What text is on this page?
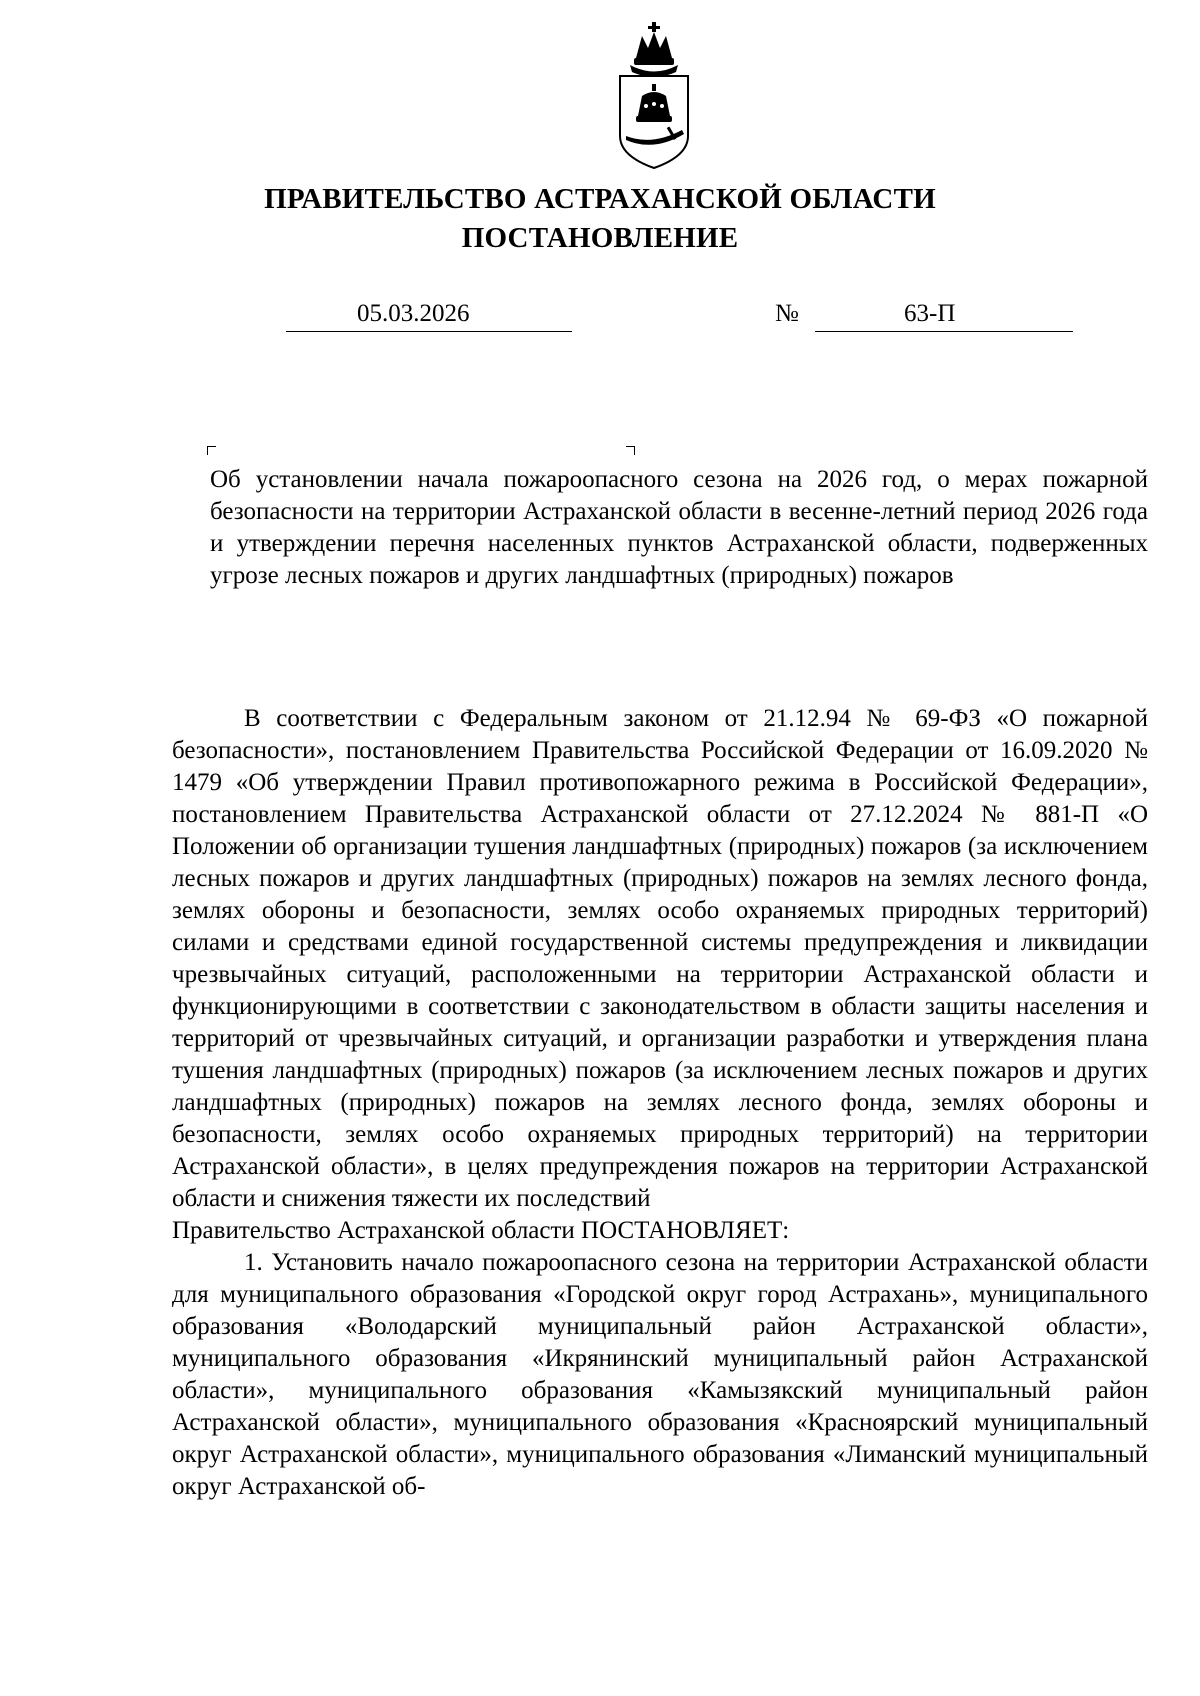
ПРАВИТЕЛЬСТВО АСТРАХАНСКОЙ ОБЛАСТИ
ПОСТАНОВЛЕНИЕ
05.03.2026	№	63-П
Об установлении начала пожароопасного сезона на 2026 год, о мерах пожарной безопасности на территории Астраханской области в весенне-летний период 2026 года и утверждении перечня населенных пунктов Астраханской области, подверженных угрозе лесных пожаров и других ландшафтных (природных) пожаров

В соответствии с Федеральным законом от 21.12.94 № 69-ФЗ «О пожарной безопасности», постановлением Правительства Российской Федерации от 16.09.2020 № 1479 «Об утверждении Правил противопожарного режима в Российской Федерации», постановлением Правительства Астраханской области от 27.12.2024 № 881-П «О Положении об организации тушения ландшафтных (природных) пожаров (за исключением лесных пожаров и других ландшафтных (природных) пожаров на землях лесного фонда, землях обороны и безопасности, землях особо охраняемых природных территорий) силами и средствами единой государственной системы предупреждения и ликвидации чрезвычайных ситуаций, расположенными на территории Астраханской области и функционирующими в соответствии с законодательством в области защиты населения и территорий от чрезвычайных ситуаций, и организации разработки и утверждения плана тушения ландшафтных (природных) пожаров (за исключением лесных пожаров и других ландшафтных (природных) пожаров на землях лесного фонда, землях обороны и безопасности, землях особо охраняемых природных территорий) на территории Астраханской области», в целях предупреждения пожаров на территории Астраханской области и снижения тяжести их последствий

Правительство Астраханской области ПОСТАНОВЛЯЕТ:

1. Установить начало пожароопасного сезона на территории Астраханской области для муниципального образования «Городской округ город Астрахань», муниципального образования «Володарский муниципальный район Астраханской области», муниципального образования «Икрянинский муниципальный район Астраханской области», муниципального образования «Камызякский муниципальный район Астраханской области», муниципального образования «Красноярский муниципальный округ Астраханской области», муниципального образования «Лиманский муниципальный округ Астраханской об-
